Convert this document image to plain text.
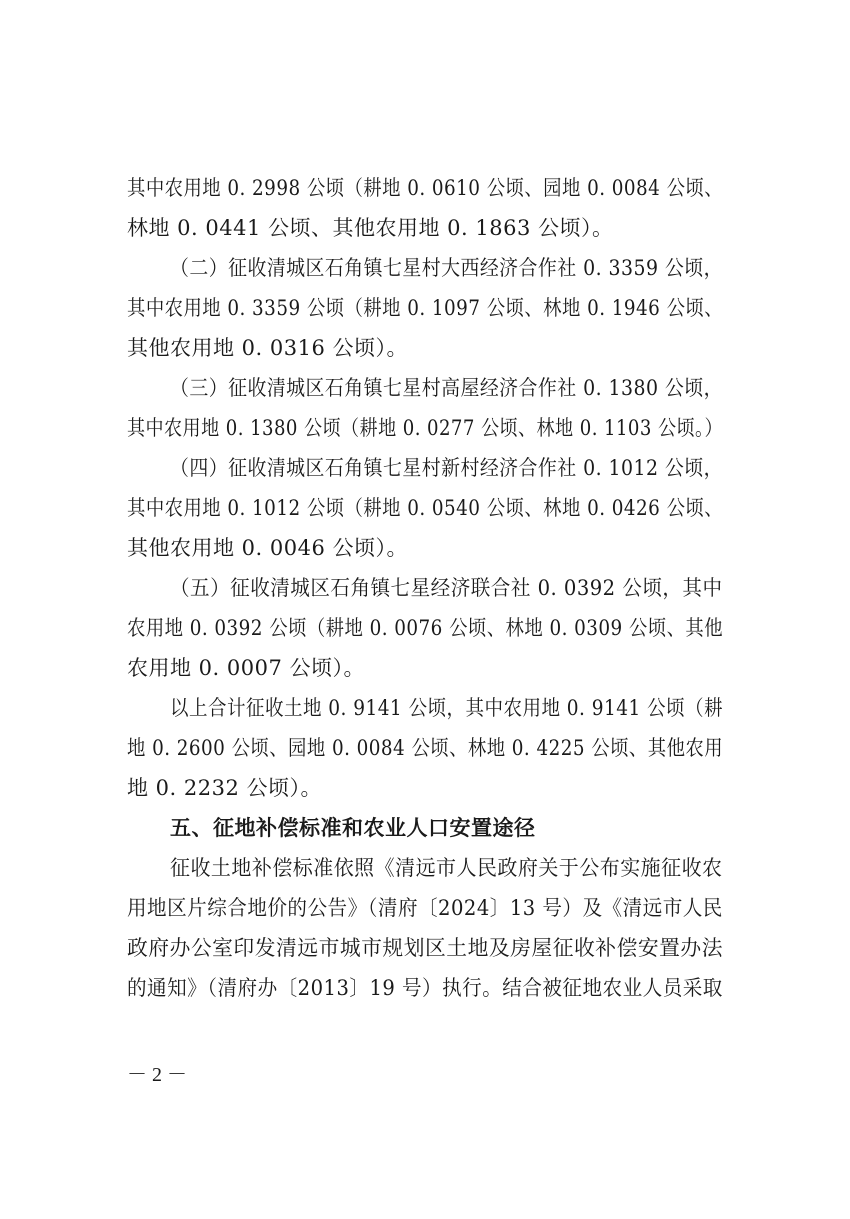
其中农用地 0. 2998 公顷（耕地 0. 0610 公顷、园地 0. 0084 公顷、
林地 0. 0441 公顷、其他农用地 0. 1863 公顷）。
（二）征收清城区石角镇七星村大西经济合作社 0. 3359 公顷，
其中农用地 0. 3359 公顷（耕地 0. 1097 公顷、林地 0. 1946 公顷、
其他农用地 0. 0316 公顷）。
（三）征收清城区石角镇七星村高屋经济合作社 0. 1380 公顷，
其中农用地 0. 1380 公顷（耕地 0. 0277 公顷、林地 0. 1103 公顷。）
（四）征收清城区石角镇七星村新村经济合作社 0. 1012 公顷，
其中农用地 0. 1012 公顷（耕地 0. 0540 公顷、林地 0. 0426 公顷、
其他农用地 0. 0046 公顷）。
（五）征收清城区石角镇七星经济联合社 0. 0392 公顷，其中
农用地 0. 0392 公顷（耕地 0. 0076 公顷、林地 0. 0309 公顷、其他
农用地 0. 0007 公顷）。
以上合计征收土地 0. 9141 公顷，其中农用地 0. 9141 公顷（耕
地 0. 2600 公顷、园地 0. 0084 公顷、林地 0. 4225 公顷、其他农用
地 0. 2232 公顷）。
五、征地补偿标准和农业人口安置途径
征收土地补偿标准依照《清远市人民政府关于公布实施征收农
用地区片综合地价的公告》（清府〔2024〕13 号）及《清远市人民
政府办公室印发清远市城市规划区土地及房屋征收补偿安置办法
的通知》（清府办〔2013〕19 号）执行。结合被征地农业人员采取
－ 2 －
